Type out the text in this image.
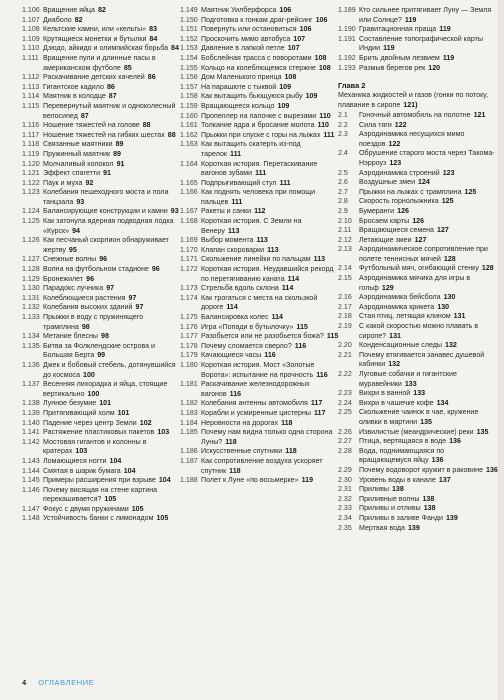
1.106 Вращение яйца 82
1.107 Диаболо 82
1.108 Кельтские камни, или «кельты» 83
1.109 Крутящиеся монетки и бутылки 84
1.110 Дзюдо, айкидо и олимпийская борьба 84
1.111 Вращение пули и длинные пасы в американском футболе 85
1.112 Раскачивание детских качелей 86
1.113 Гигантское кадило 86
1.114 Маятник в колодце 87
1.115 Перевернутый маятник и одноколесный велосипед 87
1.116 Ношение тяжестей на голове 88
1.117 Ношение тяжестей на гибких шестах 88
1.118 Связанные маятники 89
1.119 Пружинный маятник 89
1.120 Молчаливый колокол 91
1.121 Эффект спагетти 91
1.122 Паук и муха 92
1.123 Колебания пешеходного моста и пола танцзала 93
1.124 Балансирующие конструкции и камни 93
1.125 Как затонула ядерная подводная лодка «Курск» 94
1.126 Как песчаный скорпион обнаруживает жертву 95
1.127 Снежные волны 96
1.128 Волна на футбольном стадионе 96
1.129 Бронежилет 96
1.130 Парадокс лучника 97
1.131 Колеблющиеся растения 97
1.132 Колебания высоких зданий 97
1.133 Прыжки в воду с пружинящего трамплина 98
1.134 Метание блесны 98
1.135 Битва за Фолклендские острова и Большая Берта 99
1.136 Джек и бобовый стебель, дотянувшийся до космоса 100
1.137 Весенняя лихорадка и яйца, стоящие вертикально 100
1.138 Лунное безумие 101
1.139 Притягивающий холм 101
1.140 Падение через центр Земли 102
1.141 Растяжение пластиковых пакетов 103
1.142 Мостовая гигантов и колонны в кратерах 103
1.143 Ломающиеся ногти 104
1.144 Смятая в шарик бумага 104
1.145 Примеры расширения при взрыве 104
1.146 Почему висящая на стене картина перекашивается? 105
1.147 Фокус с двумя пружинами 105
1.148 Устойчивость банки с лимонадом 105
1.149 Маятник Уилберфорса 106
1.150 Подготовка к гонкам драг-рейсинг 106
1.151 Повернуть или остановиться 106
1.152 Проскочить мимо автобуса 107
1.153 Давление в лапкой петле 107
1.154 Бобслейная трасса с поворотами 108
1.155 Кольцо на колеблющемся стержне 108
1.156 Дом Маленького принца 108
1.157 На парашюте с тыквой 109
1.158 Как вытащить бьющуюся рыбу 109
1.159 Вращающееся кольцо 109
1.160 Пропеллер на палочке с вырезами 110
1.161 Толкание ядра и бросание молота 110
1.162 Прыжки при спуске с горы на лыжах 111
1.163 Как вытащить скатерть из-под тарелок 111
1.164 Короткая история. Перетаскивание вагонов зубами 111
1.165 Подпрыгивающий стул 111
1.166 Как поднять человека при помощи пальцев 111
1.167 Ракеты и санки 112
1.168 Короткая история. С Земли на Венеру 113
1.169 Выбор момента 113
1.170 Клапан скороварки 113
1.171 Скольжение линейки по пальцам 113
1.172 Короткая история. Неудавшийся рекорд по перетягиванию каната 114
1.173 Стрельба вдоль склона 114
1.174 Как трогаться с места на скользкой дороге 114
1.175 Балансировка колес 114
1.176 Игра «Попади в бутылочку» 115
1.177 Разобьется или не разобьется божа? 115
1.178 Почему сломается сверло? 116
1.179 Качающиеся часы 116
1.180 Короткая история. Мост «Золотые Ворота»: испытание на прочность 116
1.181 Раскачивание железнодорожных вагонов 116
1.182 Колебания антенны автомобиля 117
1.183 Корабли и усмиренные цистерны 117
1.184 Неровности на дорогах 118
1.185 Почему нам видна только одна сторона Луны? 118
1.186 Искусственные спутники 118
1.187 Как сопротивление воздуха ускоряет спутник 118
1.188 Полет к Луне «по восьмерке» 119
1.189 Кто сильнее притягивает Луну — Земля или Солнце? 119
1.190 Гравитационная праща 119
1.191 Составление топографической карты Индии 119
1.192 Брить двойным лезвием 119
1.193 Размыв берегов рек 120
Глава 2
Механика жидкостей и газов (гонки по потоку, плавание в сиропе 121)
2.1	Гоночный автомобиль на полотне 121
2.2	Сила тяги 122
2.3	Аэродинамика несущихся мимо поездов 122
2.4	Обрушение старого моста через Такома-Нэрроуз 123
2.5	Аэродинамика строений 123
2.6	Воздушные змеи 124
2.7	Прыжки на лыжах с трамплина 125
2.8	Скорость горнолыжника 125
2.9	Бумеранги 126
2.10	Бросаем карты 126
2.11	Вращающиеся семена 127
2.12	Летающие змеи 127
2.13	Аэродинамическое сопротивление при полете теннисных мячей 128
2.14	Футбольный мяч, огибающий стенку 128
2.15	Аэродинамика мячика для игры в гольф 129
2.16	Аэродинамика бейсбола 130
2.17	Аэродинамика крикета 130
2.18	Стая птиц, летящая клином 131
2.19	С какой скоростью можно плавать в сиропе? 131
2.20	Конденсационные следы 132
2.21	Почему втягивается занавес душевой кабинки 132
2.22	Луговые собачки и гигантские муравейники 133
2.23	Вихри в ванной 133
2.24	Вихри в чашечке кофе 134
2.25	Скольжение чаинок в чае, кружение оливки в мартини 135
2.26	Извилистые (меандрические) реки 135
2.27	Птица, вертящаяся в воде 136
2.28	Вода, поднимающаяся по вращающемуся яйцу 136
2.29	Почему водоворот кружит в раковине 136
2.30	Уровень воды в канале 137
2.31	Приливы 138
2.32	Приливные волны 138
2.33	Приливы и отливы 138
2.34	Приливы в заливе Фанди 139
2.35	Мертвая вода 139
4 ОГЛАВЛЕНИЕ
